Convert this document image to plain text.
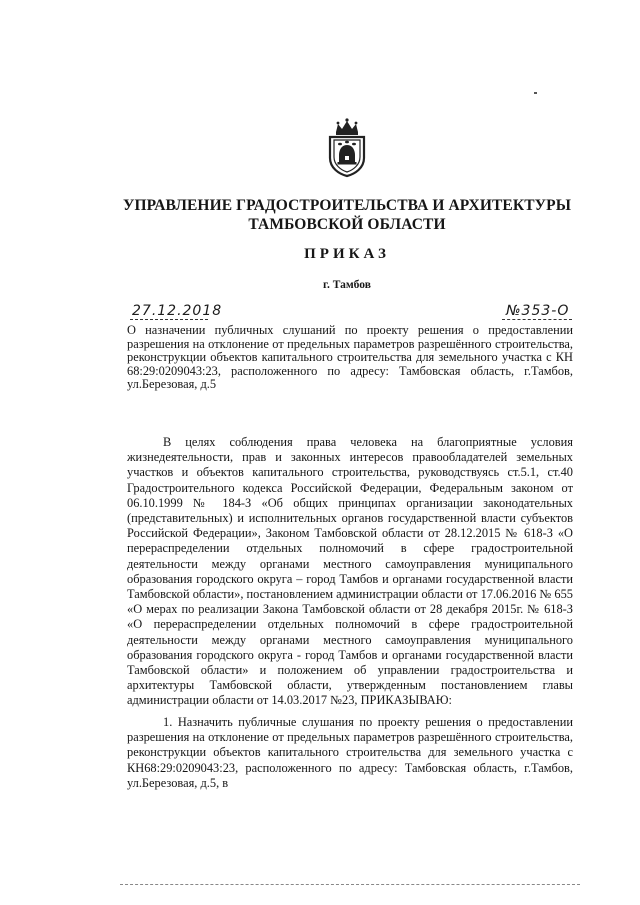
УПРАВЛЕНИЕ ГРАДОСТРОИТЕЛЬСТВА И АРХИТЕКТУРЫ
ТАМБОВСКОЙ ОБЛАСТИ
ПРИКАЗ
г. Тамбов
27.12.2018	№353-О
О назначении публичных слушаний по проекту решения о предоставлении разрешения на отклонение от предельных параметров разрешённого строительства, реконструкции объектов капитального строительства для земельного участка с КН 68:29:0209043:23, расположенного по адресу: Тамбовская область, г.Тамбов, ул.Березовая, д.5
В целях соблюдения права человека на благоприятные условия жизнедеятельности, прав и законных интересов правообладателей земельных участков и объектов капитального строительства, руководствуясь ст.5.1, ст.40 Градостроительного кодекса Российской Федерации, Федеральным законом от 06.10.1999 № 184-З «Об общих принципах организации законодательных (представительных) и исполнительных органов государственной власти субъектов Российской Федерации», Законом Тамбовской области от 28.12.2015 № 618-З «О перераспределении отдельных полномочий в сфере градостроительной деятельности между органами местного самоуправления муниципального образования городского округа – город Тамбов и органами государственной власти Тамбовской области», постановлением администрации области от 17.06.2016 № 655 «О мерах по реализации Закона Тамбовской области от 28 декабря 2015г. № 618-З «О перераспределении отдельных полномочий в сфере градостроительной деятельности между органами местного самоуправления муниципального образования городского округа - город Тамбов и органами государственной власти Тамбовской области» и положением об управлении градостроительства и архитектуры Тамбовской области, утвержденным постановлением главы администрации области от 14.03.2017 №23, ПРИКАЗЫВАЮ:
1. Назначить публичные слушания по проекту решения о предоставлении разрешения на отклонение от предельных параметров разрешённого строительства, реконструкции объектов капитального строительства для земельного участка с КН68:29:0209043:23, расположенного по адресу: Тамбовская область, г.Тамбов, ул.Березовая, д.5, в
